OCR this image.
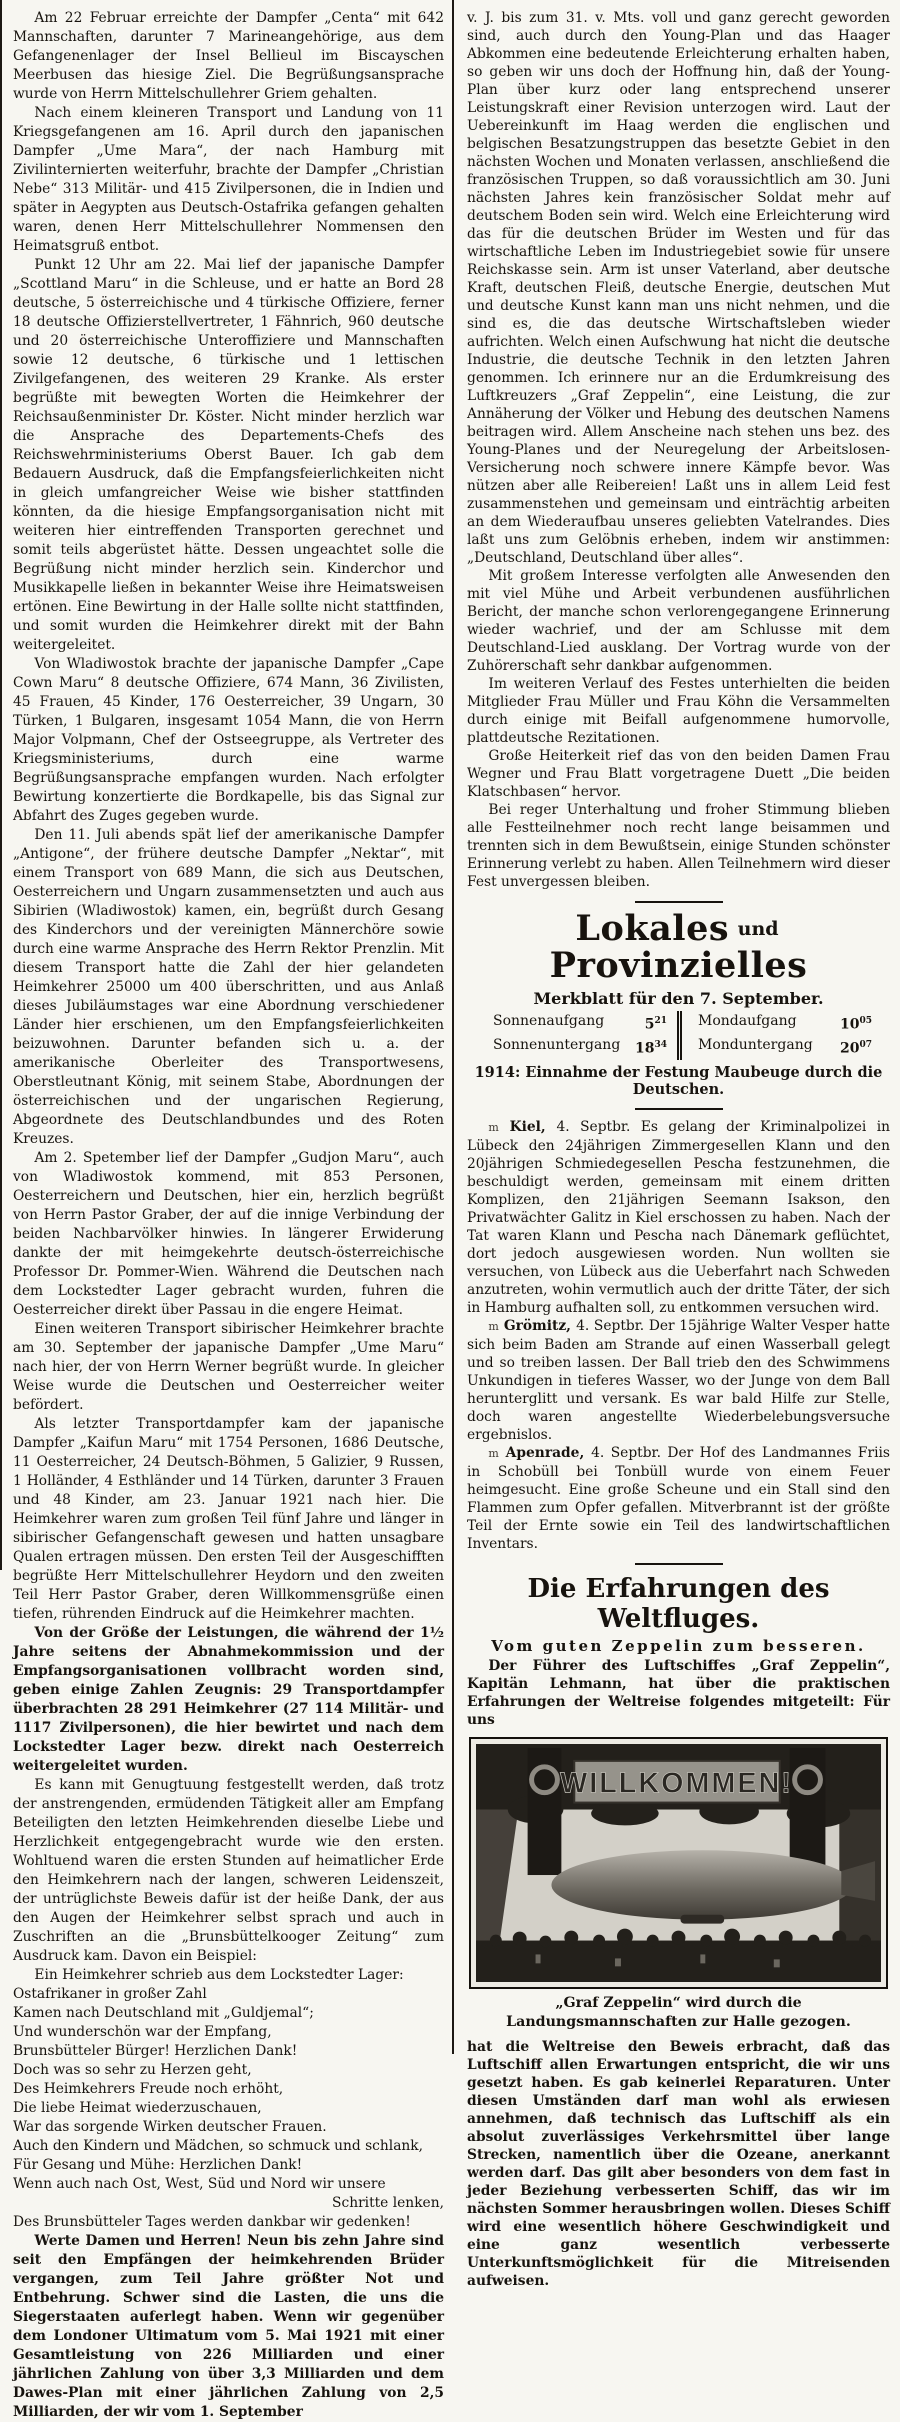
Am 22 Februar erreichte der Dampfer „Centa“ mit 642 Mannschaften, darunter 7 Marineangehörige, aus dem Gefangenenlager der Insel Bellieul im Biscayschen Meerbusen das hiesige Ziel. Die Begrüßungsansprache wurde von Herrn Mittelschullehrer Griem gehalten.

Nach einem kleineren Transport und Landung von 11 Kriegsgefangenen am 16. April durch den japanischen Dampfer „Ume Mara“, der nach Hamburg mit Zivilinternierten weiterfuhr, brachte der Dampfer „Christian Nebe“ 313 Militär- und 415 Zivilpersonen, die in Indien und später in Aegypten aus Deutsch-Ostafrika gefangen gehalten waren, denen Herr Mittelschullehrer Nommensen den Heimatsgruß entbot.

Punkt 12 Uhr am 22. Mai lief der japanische Dampfer „Scottland Maru“ in die Schleuse, und er hatte an Bord 28 deutsche, 5 österreichische und 4 türkische Offiziere, ferner 18 deutsche Offizierstellvertreter, 1 Fähnrich, 960 deutsche und 20 österreichische Unteroffiziere und Mannschaften sowie 12 deutsche, 6 türkische und 1 lettischen Zivilgefangenen, des weiteren 29 Kranke. Als erster begrüßte mit bewegten Worten die Heimkehrer der Reichsaußenminister Dr. Köster. Nicht minder herzlich war die Ansprache des Departements-Chefs des Reichswehrministeriums Oberst Bauer. Ich gab dem Bedauern Ausdruck, daß die Empfangsfeierlichkeiten nicht in gleich umfangreicher Weise wie bisher stattfinden könnten, da die hiesige Empfangsorganisation nicht mit weiteren hier eintreffenden Transporten gerechnet und somit teils abgerüstet hätte. Dessen ungeachtet solle die Begrüßung nicht minder herzlich sein. Kinderchor und Musikkapelle ließen in bekannter Weise ihre Heimatsweisen ertönen. Eine Bewirtung in der Halle sollte nicht stattfinden, und somit wurden die Heimkehrer direkt mit der Bahn weitergeleitet.

Von Wladiwostok brachte der japanische Dampfer „Cape Cown Maru“ 8 deutsche Offiziere, 674 Mann, 36 Zivilisten, 45 Frauen, 45 Kinder, 176 Oesterreicher, 39 Ungarn, 30 Türken, 1 Bulgaren, insgesamt 1054 Mann, die von Herrn Major Volpmann, Chef der Ostseegruppe, als Vertreter des Kriegsministeriums, durch eine warme Begrüßungsansprache empfangen wurden. Nach erfolgter Bewirtung konzertierte die Bordkapelle, bis das Signal zur Abfahrt des Zuges gegeben wurde.

Den 11. Juli abends spät lief der amerikanische Dampfer „Antigone“, der frühere deutsche Dampfer „Nektar“, mit einem Transport von 689 Mann, die sich aus Deutschen, Oesterreichern und Ungarn zusammensetzten und auch aus Sibirien (Wladiwostok) kamen, ein, begrüßt durch Gesang des Kinderchors und der vereinigten Männerchöre sowie durch eine warme Ansprache des Herrn Rektor Prenzlin. Mit diesem Transport hatte die Zahl der hier gelandeten Heimkehrer 25000 um 400 überschritten, und aus Anlaß dieses Jubiläumstages war eine Abordnung verschiedener Länder hier erschienen, um den Empfangsfeierlichkeiten beizuwohnen. Darunter befanden sich u. a. der amerikanische Oberleiter des Transportwesens, Oberstleutnant König, mit seinem Stabe, Abordnungen der österreichischen und der ungarischen Regierung, Abgeordnete des Deutschlandbundes und des Roten Kreuzes.

Am 2. Spetember lief der Dampfer „Gudjon Maru“, auch von Wladiwostok kommend, mit 853 Personen, Oesterreichern und Deutschen, hier ein, herzlich begrüßt von Herrn Pastor Graber, der auf die innige Verbindung der beiden Nachbarvölker hinwies. In längerer Erwiderung dankte der mit heimgekehrte deutsch-österreichische Professor Dr. Pommer-Wien. Während die Deutschen nach dem Lockstedter Lager gebracht wurden, fuhren die Oesterreicher direkt über Passau in die engere Heimat.

Einen weiteren Transport sibirischer Heimkehrer brachte am 30. September der japanische Dampfer „Ume Maru“ nach hier, der von Herrn Werner begrüßt wurde. In gleicher Weise wurde die Deutschen und Oesterreicher weiter befördert.

Als letzter Transportdampfer kam der japanische Dampfer „Kaifun Maru“ mit 1754 Personen, 1686 Deutsche, 11 Oesterreicher, 24 Deutsch-Böhmen, 5 Galizier, 9 Russen, 1 Holländer, 4 Esthländer und 14 Türken, darunter 3 Frauen und 48 Kinder, am 23. Januar 1921 nach hier. Die Heimkehrer waren zum großen Teil fünf Jahre und länger in sibirischer Gefangenschaft gewesen und hatten unsagbare Qualen ertragen müssen. Den ersten Teil der Ausgeschifften begrüßte Herr Mittelschullehrer Heydorn und den zweiten Teil Herr Pastor Graber, deren Willkommensgrüße einen tiefen, rührenden Eindruck auf die Heimkehrer machten.

Von der Größe der Leistungen, die während der 1½ Jahre seitens der Abnahmekommission und der Empfangsorganisationen vollbracht worden sind, geben einige Zahlen Zeugnis: 29 Transportdampfer überbrachten 28 291 Heimkehrer (27 114 Militär- und 1117 Zivilpersonen), die hier bewirtet und nach dem Lockstedter Lager bezw. direkt nach Oesterreich weitergeleitet wurden.

Es kann mit Genugtuung festgestellt werden, daß trotz der anstrengenden, ermüdenden Tätigkeit aller am Empfang Beteiligten den letzten Heimkehrenden dieselbe Liebe und Herzlichkeit entgegengebracht wurde wie den ersten. Wohltuend waren die ersten Stunden auf heimatlicher Erde den Heimkehrern nach der langen, schweren Leidenszeit, der untrüglichste Beweis dafür ist der heiße Dank, der aus den Augen der Heimkehrer selbst sprach und auch in Zuschriften an die „Brunsbüttelkooger Zeitung“ zum Ausdruck kam. Davon ein Beispiel:

Ein Heimkehrer schrieb aus dem Lockstedter Lager:

Ostafrikaner in großer Zahl

Kamen nach Deutschland mit „Guldjemal“;

Und wunderschön war der Empfang,

Brunsbütteler Bürger! Herzlichen Dank!

Doch was so sehr zu Herzen geht,

Des Heimkehrers Freude noch erhöht,

Die liebe Heimat wiederzuschauen,

War das sorgende Wirken deutscher Frauen.

Auch den Kindern und Mädchen, so schmuck und schlank,

Für Gesang und Mühe: Herzlichen Dank!

Wenn auch nach Ost, West, Süd und Nord wir unsere

Schritte lenken,

Des Brunsbütteler Tages werden dankbar wir gedenken!

Werte Damen und Herren! Neun bis zehn Jahre sind seit den Empfängen der heimkehrenden Brüder vergangen, zum Teil Jahre größter Not und Entbehrung. Schwer sind die Lasten, die uns die Siegerstaaten auferlegt haben. Wenn wir gegenüber dem Londoner Ultimatum vom 5. Mai 1921 mit einer Gesamtleistung von 226 Milliarden und einer jährlichen Zahlung von über 3,3 Milliarden und dem Dawes-Plan mit einer jährlichen Zahlung von 2,5 Milliarden, der wir vom 1. September

v. J. bis zum 31. v. Mts. voll und ganz gerecht geworden sind, auch durch den Young-Plan und das Haager Abkommen eine bedeutende Erleichterung erhalten haben, so geben wir uns doch der Hoffnung hin, daß der Young-Plan über kurz oder lang entsprechend unserer Leistungskraft einer Revision unterzogen wird. Laut der Uebereinkunft im Haag werden die englischen und belgischen Besatzungstruppen das besetzte Gebiet in den nächsten Wochen und Monaten verlassen, anschließend die französischen Truppen, so daß voraussichtlich am 30. Juni nächsten Jahres kein französischer Soldat mehr auf deutschem Boden sein wird. Welch eine Erleichterung wird das für die deutschen Brüder im Westen und für das wirtschaftliche Leben im Industriegebiet sowie für unsere Reichskasse sein. Arm ist unser Vaterland, aber deutsche Kraft, deutschen Fleiß, deutsche Energie, deutschen Mut und deutsche Kunst kann man uns nicht nehmen, und die sind es, die das deutsche Wirtschaftsleben wieder aufrichten. Welch einen Aufschwung hat nicht die deutsche Industrie, die deutsche Technik in den letzten Jahren genommen. Ich erinnere nur an die Erdumkreisung des Luftkreuzers „Graf Zeppelin“, eine Leistung, die zur Annäherung der Völker und Hebung des deutschen Namens beitragen wird. Allem Anscheine nach stehen uns bez. des Young-Planes und der Neuregelung der Arbeitslosen-Versicherung noch schwere innere Kämpfe bevor. Was nützen aber alle Reibereien! Laßt uns in allem Leid fest zusammenstehen und gemeinsam und einträchtig arbeiten an dem Wiederaufbau unseres geliebten Vatelrandes. Dies laßt uns zum Gelöbnis erheben, indem wir anstimmen: „Deutschland, Deutschland über alles“.

Mit großem Interesse verfolgten alle Anwesenden den mit viel Mühe und Arbeit verbundenen ausführlichen Bericht, der manche schon verlorengegangene Erinnerung wieder wachrief, und der am Schlusse mit dem Deutschland-Lied ausklang. Der Vortrag wurde von der Zuhörerschaft sehr dankbar aufgenommen.

Im weiteren Verlauf des Festes unterhielten die beiden Mitglieder Frau Müller und Frau Köhn die Versammelten durch einige mit Beifall aufgenommene humorvolle, plattdeutsche Rezitationen.

Große Heiterkeit rief das von den beiden Damen Frau Wegner und Frau Blatt vorgetragene Duett „Die beiden Klatschbasen“ hervor.

Bei reger Unterhaltung und froher Stimmung blieben alle Festteilnehmer noch recht lange beisammen und trennten sich in dem Bewußtsein, einige Stunden schönster Erinnerung verlebt zu haben. Allen Teilnehmern wird dieser Fest unvergessen bleiben.

Lokales und Provinzielles
Merkblatt für den 7. September.
Sonnenaufgang	$5^{21}$ Mondaufgang	$10^{05}$
Sonnenuntergang $18^{34}$ Monduntergang $20^{07}$
1914: Einnahme der Festung Maubeuge durch die Deutschen.

m Kiel, 4. Septbr. Es gelang der Kriminalpolizei in Lübeck den 24jährigen Zimmergesellen Klann und den 20jährigen Schmiedegesellen Pescha festzunehmen, die beschuldigt werden, gemeinsam mit einem dritten Komplizen, den 21jährigen Seemann Isakson, den Privatwächter Galitz in Kiel erschossen zu haben. Nach der Tat waren Klann und Pescha nach Dänemark geflüchtet, dort jedoch ausgewiesen worden. Nun wollten sie versuchen, von Lübeck aus die Ueberfahrt nach Schweden anzutreten, wohin vermutlich auch der dritte Täter, der sich in Hamburg aufhalten soll, zu entkommen versuchen wird.

m Grömitz, 4. Septbr. Der 15jährige Walter Vesper hatte sich beim Baden am Strande auf einen Wasserball gelegt und so treiben lassen. Der Ball trieb den des Schwimmens Unkundigen in tieferes Wasser, wo der Junge von dem Ball herunterglitt und versank. Es war bald Hilfe zur Stelle, doch waren angestellte Wiederbelebungsversuche ergebnislos.

m Apenrade, 4. Septbr. Der Hof des Landmannes Friis in Schobüll bei Tonbüll wurde von einem Feuer heimgesucht. Eine große Scheune und ein Stall sind den Flammen zum Opfer gefallen. Mitverbrannt ist der größte Teil der Ernte sowie ein Teil des landwirtschaftlichen Inventars.

Die Erfahrungen des Weltfluges.
Vom guten Zeppelin zum besseren.

Der Führer des Luftschiffes „Graf Zeppelin“, Kapitän Lehmann, hat über die praktischen Erfahrungen der Weltreise folgendes mitgeteilt: Für uns

WILLKOMMEN!
„Graf Zeppelin“ wird durch die Landungsmannschaften zur Halle gezogen.

hat die Weltreise den Beweis erbracht, daß das Luftschiff allen Erwartungen entspricht, die wir uns gesetzt haben. Es gab keinerlei Reparaturen. Unter diesen Umständen darf man wohl als erwiesen annehmen, daß technisch das Luftschiff als ein absolut zuverlässiges Verkehrsmittel über lange Strecken, namentlich über die Ozeane, anerkannt werden darf. Das gilt aber besonders von dem fast in jeder Beziehung verbesserten Schiff, das wir im nächsten Sommer herausbringen wollen. Dieses Schiff wird eine wesentlich höhere Geschwindigkeit und eine ganz wesentlich verbesserte Unterkunftsmöglichkeit für die Mitreisenden aufweisen.
